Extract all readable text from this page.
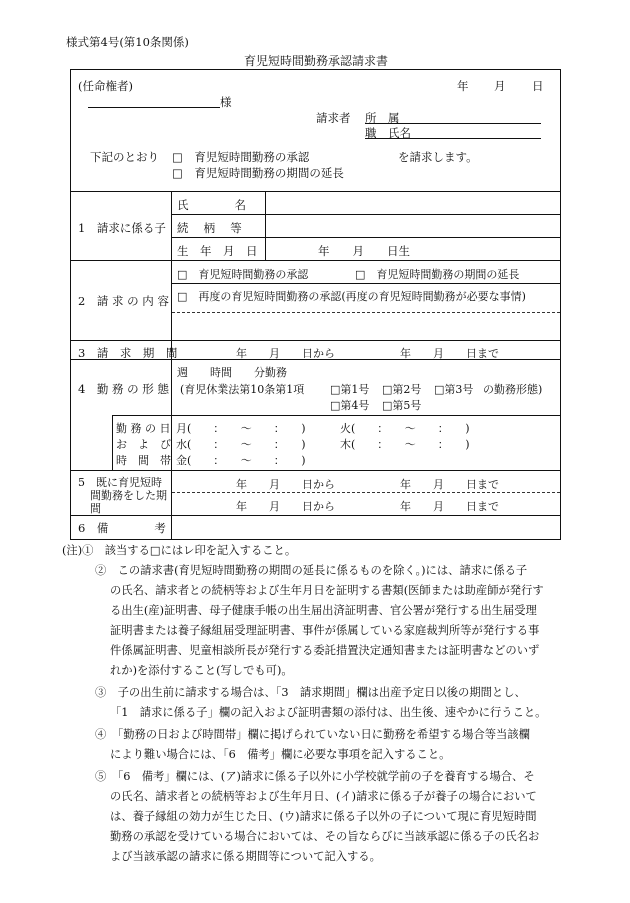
様式第4号(第10条関係)
育児短時間勤務承認請求書
(任命権者)	年 月 日
様
請求者 所　属
職　氏名
下記のとおり □　育児短時間勤務の承認
□　育児短時間勤務の期間の延長
を請求します。
1　請求に係る子
氏　　　　名
続　 柄　 等
生　年　月　日	年　　月　　日生
2　請 求 の 内 容
□　育児短時間勤務の承認	□　育児短時間勤務の期間の延長
□　再度の育児短時間勤務の承認(再度の育児短時間勤務が必要な事情)
3　請　求　期　間	年　　月　　日から	年　　月　　日まで
4　勤 務 の 形 態
週　　時間　　分勤務
(育児休業法第10条第1項 □第1号 □第2号 □第3号 の勤務形態)
□第4号 □第5号
勤 務 の 日
お　よ　び
時　間　帯
月(　　：　　〜　　：　　)	火(　　：　　〜　　：　　)
水(　　：　　〜　　：　　)	木(　　：　　〜　　：　　)
金(　　：　　〜　　：　　)
5　既に育児短時
間勤務をした期
間
年　　月　　日から	年　　月　　日まで
年　　月　　日から	年　　月　　日まで
6　備　　　　考
(注)①　該当する□にはレ印を記入すること。
②　この請求書(育児短時間勤務の期間の延長に係るものを除く。)には、請求に係る子
の氏名、請求者との続柄等および生年月日を証明する書類(医師または助産師が発行す
る出生(産)証明書、母子健康手帳の出生届出済証明書、官公署が発行する出生届受理
証明書または養子縁組届受理証明書、事件が係属している家庭裁判所等が発行する事
件係属証明書、児童相談所長が発行する委託措置決定通知書または証明書などのいず
れか)を添付すること(写しでも可)。
③　子の出生前に請求する場合は、「3　請求期間」欄は出産予定日以後の期間とし、
「1　請求に係る子」欄の記入および証明書類の添付は、出生後、速やかに行うこと。
④　「勤務の日および時間帯」欄に掲げられていない日に勤務を希望する場合等当該欄
により難い場合には、「6　備考」欄に必要な事項を記入すること。
⑤　「6　備考」欄には、(ア)請求に係る子以外に小学校就学前の子を養育する場合、そ
の氏名、請求者との続柄等および生年月日、(イ)請求に係る子が養子の場合において
は、養子縁組の効力が生じた日、(ウ)請求に係る子以外の子について現に育児短時間
勤務の承認を受けている場合においては、その旨ならびに当該承認に係る子の氏名お
よび当該承認の請求に係る期間等について記入する。
